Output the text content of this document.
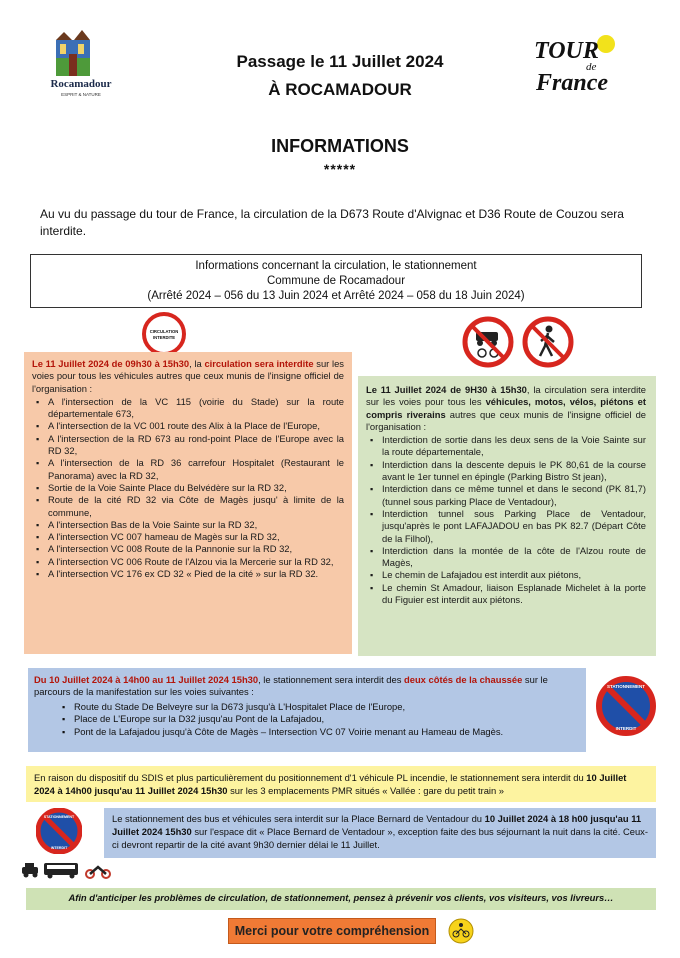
Rocamadour
ESPRIT & NATURE
Passage le 11 Juillet 2024
À ROCAMADOUR
TOUR
de
France
INFORMATIONS
*****
Au vu du passage du tour de France, la circulation de la D673 Route d'Alvignac et D36 Route de Couzou sera interdite.
Informations concernant la circulation, le stationnement
Commune de Rocamadour
(Arrêté 2024 – 056 du 13 Juin 2024 et Arrêté 2024 – 058 du 18 Juin 2024)
CIRCULATION
INTERDITE
Le 11 Juillet 2024 de 09h30 à 15h30, la circulation sera interdite sur les voies pour tous les véhicules autres que ceux munis de l'insigne officiel de l'organisation :
▪ A l'intersection de la VC 115 (voirie du Stade) sur la route départementale 673,
▪ A l'intersection de la VC 001 route des Alix à la Place de l'Europe,
▪ A l'intersection de la RD 673 au rond-point Place de l'Europe avec la RD 32,
▪ A l'intersection de la RD 36 carrefour Hospitalet (Restaurant le Panorama) avec la RD 32,
▪ Sortie de la Voie Sainte Place du Belvédère sur la RD 32,
▪ Route de la cité RD 32 via Côte de Magès jusqu' à limite de la commune,
▪ A l'intersection Bas de la Voie Sainte sur la RD 32,
▪ A l'intersection VC 007 hameau de Magès sur la RD 32,
▪ A l'intersection VC 008 Route de la Pannonie sur la RD 32,
▪ A l'intersection VC 006 Route de l'Alzou via la Mercerie sur la RD 32,
▪ A l'intersection VC 176 ex CD 32 « Pied de la cité » sur la RD 32.
Le 11 Juillet 2024 de 9H30 à 15h30, la circulation sera interdite sur les voies pour tous les véhicules, motos, vélos, piétons et compris riverains autres que ceux munis de l'insigne officiel de l'organisation :
▪ Interdiction de sortie dans les deux sens de la Voie Sainte sur la route départementale,
▪ Interdiction dans la descente depuis le PK 80,61 de la course avant le 1er tunnel en épingle (Parking Bistro St jean),
▪ Interdiction dans ce même tunnel et dans le second (PK 81,7) (tunnel sous parking Place de Ventadour),
▪ Interdiction tunnel sous Parking Place de Ventadour, jusqu'après le pont LAFAJADOU en bas PK 82.7 (Départ Côte de la Filhol),
▪ Interdiction dans la montée de la côte de l'Alzou route de Magès,
▪ Le chemin de Lafajadou est interdit aux piétons,
▪ Le chemin St Amadour, liaison Esplanade Michelet à la porte du Figuier est interdit aux piétons.
Du 10 Juillet 2024 à 14h00 au 11 Juillet 2024 15h30, le stationnement sera interdit des deux côtés de la chaussée sur le parcours de la manifestation sur les voies suivantes :
▪ Route du Stade De Belveyre sur la D673 jusqu'à L'Hospitalet Place de l'Europe,
▪ Place de L'Europe sur la D32 jusqu'au Pont de la Lafajadou,
▪ Pont de la Lafajadou jusqu'à Côte de Magès – Intersection VC 07 Voirie menant au Hameau de Magès.
STATIONNEMENT
INTERDIT
En raison du dispositif du SDIS et plus particulièrement du positionnement d'1 véhicule PL incendie, le stationnement sera interdit du 10 Juillet 2024 à 14h00 jusqu'au 11 Juillet 2024 15h30 sur les 3 emplacements PMR situés « Vallée : gare du petit train »
STATIONNEMENT
INTERDIT
Le stationnement des bus et véhicules sera interdit sur la Place Bernard de Ventadour du 10 Juillet 2024 à 18 h00 jusqu'au 11 Juillet 2024 15h30 sur l'espace dit « Place Bernard de Ventadour », exception faite des bus séjournant la nuit dans la cité. Ceux-ci devront repartir de la cité avant 9h30 dernier délai le 11 Juillet.
Afin d'anticiper les problèmes de circulation, de stationnement, pensez à prévenir vos clients, vos visiteurs, vos livreurs…
Merci pour votre compréhension
